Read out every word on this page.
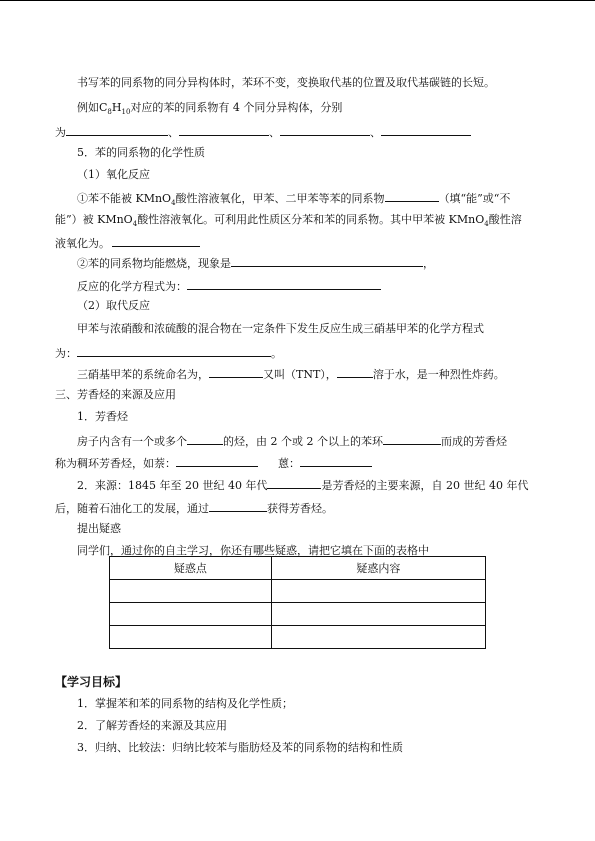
书写苯的同系物的同分异构体时，苯环不变，变换取代基的位置及取代基碳链的长短。
例如$C_8H_{10}$对应的苯的同系物有 4 个同分异构体，分别
为	、	、	、
5．苯的同系物的化学性质
（1）氧化反应
①苯不能被 KMnO$_4$酸性溶液氧化，甲苯、二甲苯等苯的同系物	（填“能”或“不
能”）被 KMnO$_4$酸性溶液氧化。可利用此性质区分苯和苯的同系物。其中甲苯被 KMnO$_4$酸性溶
液氧化为。
②苯的同系物均能燃烧，现象是	，
反应的化学方程式为：
（2）取代反应
甲苯与浓硝酸和浓硫酸的混合物在一定条件下发生反应生成三硝基甲苯的化学方程式
为：	。
三硝基甲苯的系统命名为，	又叫（TNT），	溶于水，是一种烈性炸药。
三、芳香烃的来源及应用
1．芳香烃
房子内含有一个或多个	的烃，由 2 个或 2 个以上的苯环	而成的芳香烃
称为稠环芳香烃，如萘：	蒽：
2．来源：1845 年至 20 世纪 40 年代	是芳香烃的主要来源，自 20 世纪 40 年代
后，随着石油化工的发展，通过	获得芳香烃。
提出疑惑
同学们，通过你的自主学习，你还有哪些疑惑，请把它填在下面的表格中
疑惑点	疑惑内容

【学习目标】
1．掌握苯和苯的同系物的结构及化学性质；
2．了解芳香烃的来源及其应用
3．归纳、比较法：归纳比较苯与脂肪烃及苯的同系物的结构和性质
